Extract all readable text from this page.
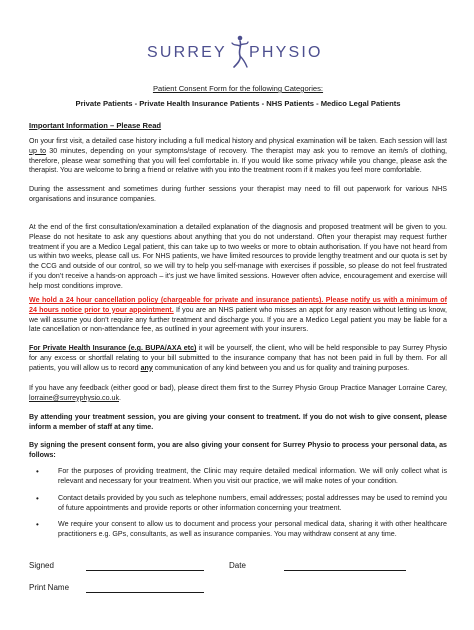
SURREY PHYSIO
Patient Consent Form for the following Categories:
Private Patients - Private Health Insurance Patients - NHS Patients - Medico Legal Patients
Important Information – Please Read
On your first visit, a detailed case history including a full medical history and physical examination will be taken. Each session will last up to 30 minutes, depending on your symptoms/stage of recovery. The therapist may ask you to remove an item/s of clothing, therefore, please wear something that you will feel comfortable in. If you would like some privacy while you change, please ask the therapist. You are welcome to bring a friend or relative with you into the treatment room if it makes you feel more comfortable.
During the assessment and sometimes during further sessions your therapist may need to fill out paperwork for various NHS organisations and insurance companies.
At the end of the first consultation/examination a detailed explanation of the diagnosis and proposed treatment will be given to you. Please do not hesitate to ask any questions about anything that you do not understand. Often your therapist may request further treatment if you are a Medico Legal patient, this can take up to two weeks or more to obtain authorisation. If you have not heard from us within two weeks, please call us. For NHS patients, we have limited resources to provide lengthy treatment and our quota is set by the CCG and outside of our control, so we will try to help you self-manage with exercises if possible, so please do not feel frustrated if you don’t receive a hands-on approach – it’s just we have limited sessions. However often advice, encouragement and exercise will help most conditions improve.
We hold a 24 hour cancellation policy (chargeable for private and insurance patients). Please notify us with a minimum of 24 hours notice prior to your appointment. If you are an NHS patient who misses an appt for any reason without letting us know, we will assume you don’t require any further treatment and discharge you. If you are a Medico Legal patient you may be liable for a late cancellation or non-attendance fee, as outlined in your agreement with your insurers.
For Private Health Insurance (e.g. BUPA/AXA etc) it will be yourself, the client, who will be held responsible to pay Surrey Physio for any excess or shortfall relating to your bill submitted to the insurance company that has not been paid in full by them. For all patients, you will allow us to record any communication of any kind between you and us for quality and training purposes.
If you have any feedback (either good or bad), please direct them first to the Surrey Physio Group Practice Manager Lorraine Carey, lorraine@surreyphysio.co.uk.
By attending your treatment session, you are giving your consent to treatment. If you do not wish to give consent, please inform a member of staff at any time.
By signing the present consent form, you are also giving your consent for Surrey Physio to process your personal data, as follows:
•	For the purposes of providing treatment, the Clinic may require detailed medical information. We will only collect what is relevant and necessary for your treatment. When you visit our practice, we will make notes of your condition.
•	Contact details provided by you such as telephone numbers, email addresses; postal addresses may be used to remind you of future appointments and provide reports or other information concerning your treatment.
•	We require your consent to allow us to document and process your personal medical data, sharing it with other healthcare practitioners e.g. GPs, consultants, as well as insurance companies. You may withdraw consent at any time.
Signed	Date
Print Name
